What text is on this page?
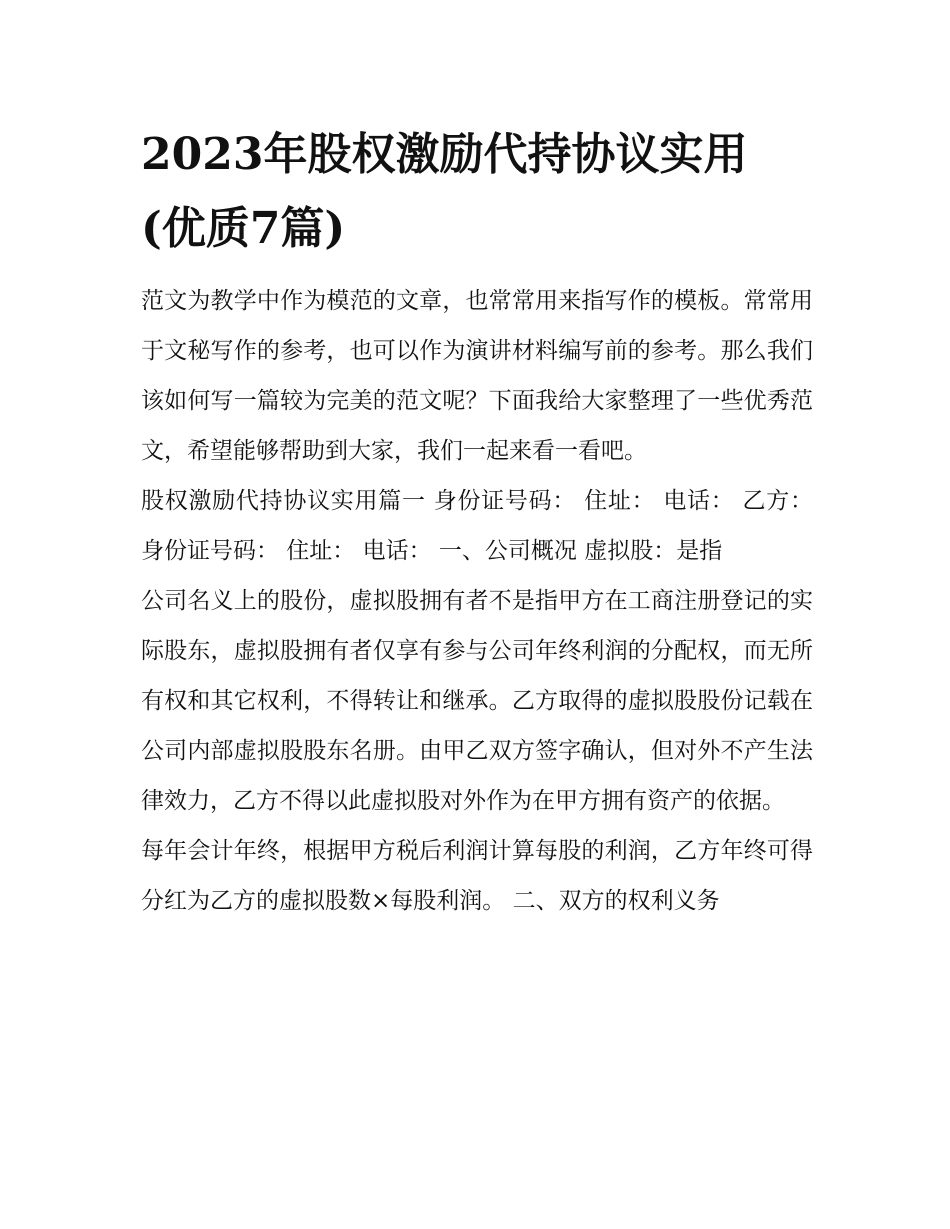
2023年股权激励代持协议实用
(优质7篇)

范文为教学中作为模范的文章，也常常用来指写作的模板。常常用于文秘写作的参考，也可以作为演讲材料编写前的参考。那么我们该如何写一篇较为完美的范文呢？下面我给大家整理了一些优秀范文，希望能够帮助到大家，我们一起来看一看吧。

股权激励代持协议实用篇一 身份证号码： 住址： 电话： 乙方： 身份证号码： 住址： 电话： 一、公司概况 虚拟股：是指

公司名义上的股份，虚拟股拥有者不是指甲方在工商注册登记的实际股东，虚拟股拥有者仅享有参与公司年终利润的分配权，而无所有权和其它权利，不得转让和继承。乙方取得的虚拟股股份记载在公司内部虚拟股股东名册。由甲乙双方签字确认，但对外不产生法律效力，乙方不得以此虚拟股对外作为在甲方拥有资产的依据。

每年会计年终，根据甲方税后利润计算每股的利润，乙方年终可得分红为乙方的虚拟股数×每股利润。 二、双方的权利义务
